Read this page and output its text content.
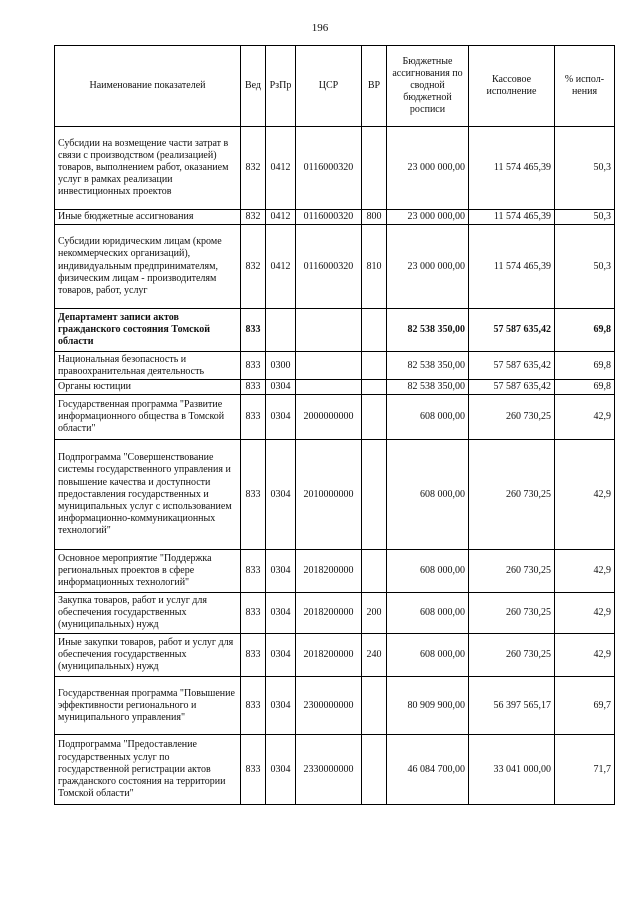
196
Наименование показателей	Вед	РзПр	ЦСР	ВР	Бюджетные ассигнования по сводной бюджетной росписи	Кассовое исполнение	% испол-нения
Субсидии на возмещение части затрат в связи с производством (реализацией) товаров, выполнением работ, оказанием услуг в рамках реализации инвестиционных проектов	832	0412	0116000320		23 000 000,00	11 574 465,39	50,3
Иные бюджетные ассигнования	832	0412	0116000320	800	23 000 000,00	11 574 465,39	50,3
Субсидии юридическим лицам (кроме некоммерческих организаций), индивидуальным предпринимателям, физическим лицам - производителям товаров, работ, услуг	832	0412	0116000320	810	23 000 000,00	11 574 465,39	50,3
Департамент записи актов гражданского состояния Томской области	833				82 538 350,00	57 587 635,42	69,8
Национальная безопасность и правоохранительная деятельность	833	0300			82 538 350,00	57 587 635,42	69,8
Органы юстиции	833	0304			82 538 350,00	57 587 635,42	69,8
Государственная программа "Развитие информационного общества в Томской области"	833	0304	2000000000		608 000,00	260 730,25	42,9
Подпрограмма "Совершенствование системы государственного управления и повышение качества и доступности предоставления государственных и муниципальных услуг с использованием информационно-коммуникационных технологий"	833	0304	2010000000		608 000,00	260 730,25	42,9
Основное мероприятие "Поддержка региональных проектов в сфере информационных технологий"	833	0304	2018200000		608 000,00	260 730,25	42,9
Закупка товаров, работ и услуг для обеспечения государственных (муниципальных) нужд	833	0304	2018200000	200	608 000,00	260 730,25	42,9
Иные закупки товаров, работ и услуг для обеспечения государственных (муниципальных) нужд	833	0304	2018200000	240	608 000,00	260 730,25	42,9
Государственная программа "Повышение эффективности регионального и муниципального управления"	833	0304	2300000000		80 909 900,00	56 397 565,17	69,7
Подпрограмма "Предоставление государственных услуг по государственной регистрации актов гражданского состояния на территории Томской области"	833	0304	2330000000		46 084 700,00	33 041 000,00	71,7
